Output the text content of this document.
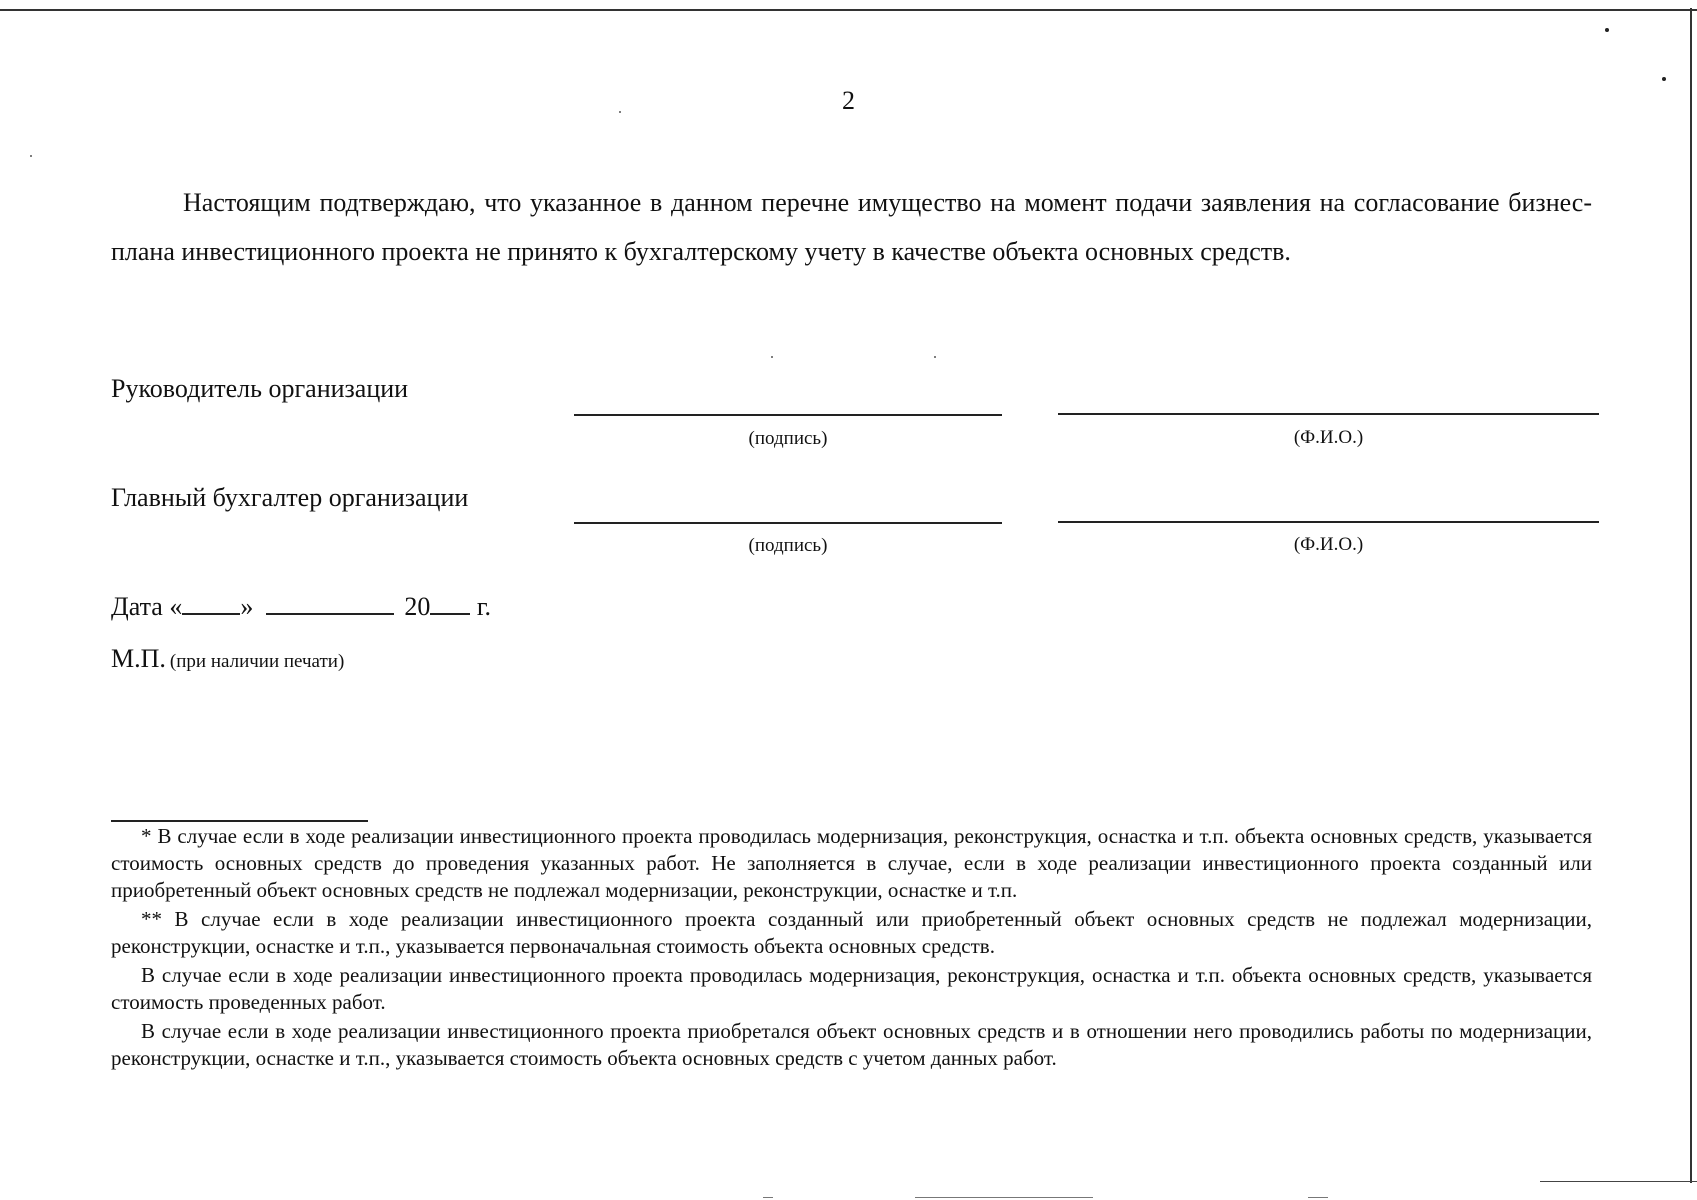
2

Настоящим подтверждаю, что указанное в данном перечне имущество на момент подачи заявления на согласование бизнес-плана инвестиционного проекта не принято к бухгалтерскому учету в качестве объекта основных средств.

Руководитель организации
(подпись)	(Ф.И.О.)
Главный бухгалтер организации
(подпись)	(Ф.И.О.)
Дата « »	20 г.
М.П. (при наличии печати)

* В случае если в ходе реализации инвестиционного проекта проводилась модернизация, реконструкция, оснастка и т.п. объекта основных средств, указывается стоимость основных средств до проведения указанных работ. Не заполняется в случае, если в ходе реализации инвестиционного проекта созданный или приобретенный объект основных средств не подлежал модернизации, реконструкции, оснастке и т.п.

** В случае если в ходе реализации инвестиционного проекта созданный или приобретенный объект основных средств не подлежал модернизации, реконструкции, оснастке и т.п., указывается первоначальная стоимость объекта основных средств.

В случае если в ходе реализации инвестиционного проекта проводилась модернизация, реконструкция, оснастка и т.п. объекта основных средств, указывается стоимость проведенных работ.

В случае если в ходе реализации инвестиционного проекта приобретался объект основных средств и в отношении него проводились работы по модернизации, реконструкции, оснастке и т.п., указывается стоимость объекта основных средств с учетом данных работ.
